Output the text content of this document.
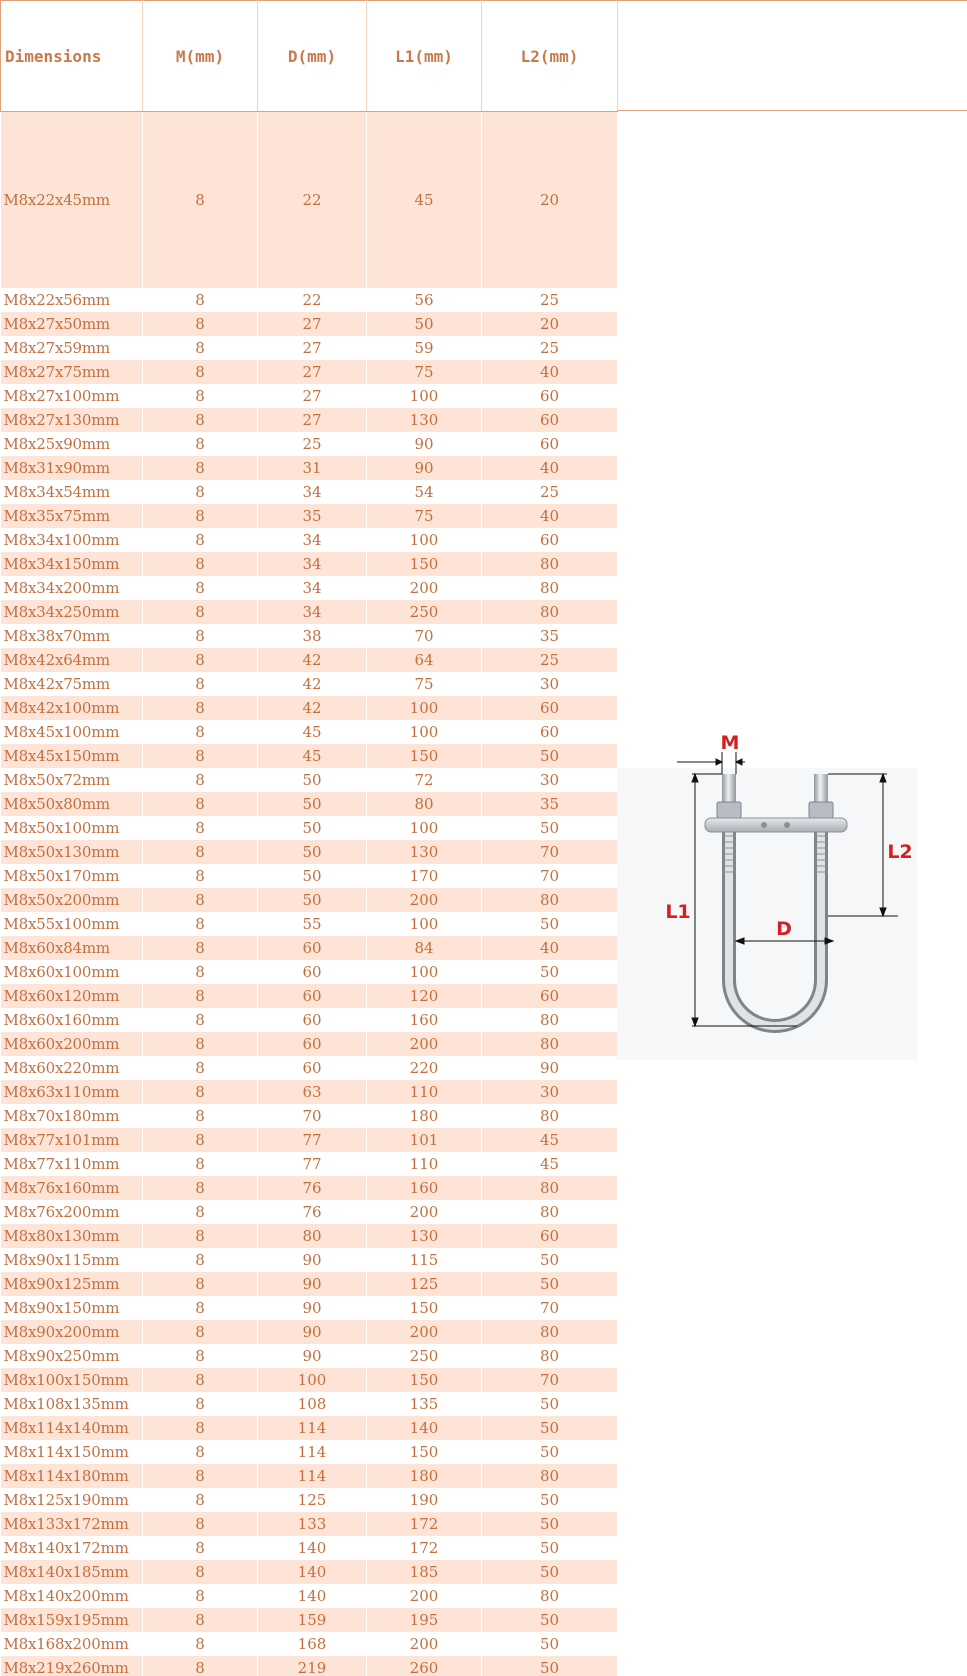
Dimensions	M(mm)	D(mm)	L1(mm)	L2(mm)
M8x22x45mm	8	22	45	20
M8x22x56mm	8	22	56	25
M8x27x50mm	8	27	50	20
M8x27x59mm	8	27	59	25
M8x27x75mm	8	27	75	40
M8x27x100mm	8	27	100	60
M8x27x130mm	8	27	130	60
M8x25x90mm	8	25	90	60
M8x31x90mm	8	31	90	40
M8x34x54mm	8	34	54	25
M8x35x75mm	8	35	75	40
M8x34x100mm	8	34	100	60
M8x34x150mm	8	34	150	80
M8x34x200mm	8	34	200	80
M8x34x250mm	8	34	250	80
M8x38x70mm	8	38	70	35
M8x42x64mm	8	42	64	25
M8x42x75mm	8	42	75	30
M8x42x100mm	8	42	100	60
M8x45x100mm	8	45	100	60
M8x45x150mm	8	45	150	50
M8x50x72mm	8	50	72	30
M8x50x80mm	8	50	80	35
M8x50x100mm	8	50	100	50
M8x50x130mm	8	50	130	70
M8x50x170mm	8	50	170	70
M8x50x200mm	8	50	200	80
M8x55x100mm	8	55	100	50
M8x60x84mm	8	60	84	40
M8x60x100mm	8	60	100	50
M8x60x120mm	8	60	120	60
M8x60x160mm	8	60	160	80
M8x60x200mm	8	60	200	80
M8x60x220mm	8	60	220	90
M8x63x110mm	8	63	110	30
M8x70x180mm	8	70	180	80
M8x77x101mm	8	77	101	45
M8x77x110mm	8	77	110	45
M8x76x160mm	8	76	160	80
M8x76x200mm	8	76	200	80
M8x80x130mm	8	80	130	60
M8x90x115mm	8	90	115	50
M8x90x125mm	8	90	125	50
M8x90x150mm	8	90	150	70
M8x90x200mm	8	90	200	80
M8x90x250mm	8	90	250	80
M8x100x150mm	8	100	150	70
M8x108x135mm	8	108	135	50
M8x114x140mm	8	114	140	50
M8x114x150mm	8	114	150	50
M8x114x180mm	8	114	180	80
M8x125x190mm	8	125	190	50
M8x133x172mm	8	133	172	50
M8x140x172mm	8	140	172	50
M8x140x185mm	8	140	185	50
M8x140x200mm	8	140	200	80
M8x159x195mm	8	159	195	50
M8x168x200mm	8	168	200	50
M8x219x260mm	8	219	260	50
M
L1
L2
D
